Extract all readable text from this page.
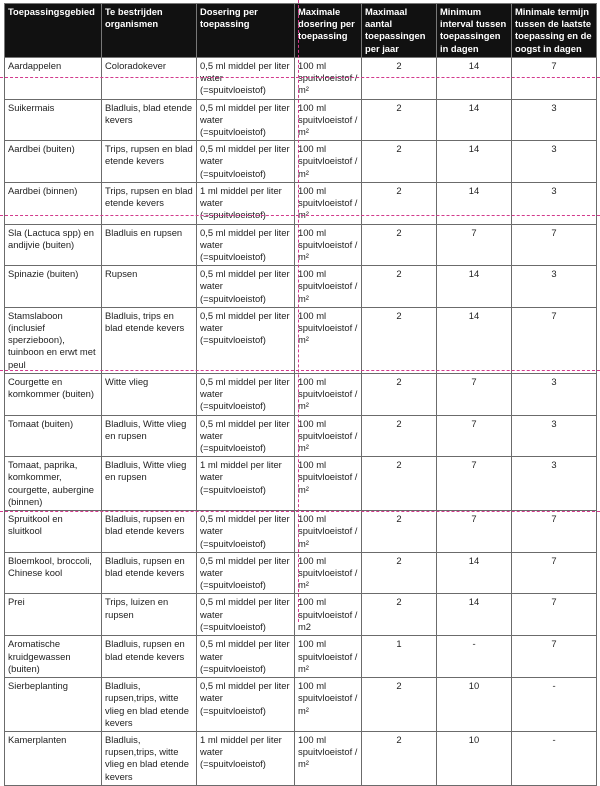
Toepassingsgebied	Te bestrijden organismen	Dosering per toepassing	Maximale dosering per toepassing	Maximaal aantal toepassingen per jaar	Minimum interval tussen toepassingen in dagen	Minimale termijn tussen de laatste toepassing en de oogst in dagen
Aardappelen	Coloradokever	0,5 ml middel per liter water (=spuitvloeistof)	100 ml spuitvloeistof / m²	2	14	7
Suikermais	Bladluis, blad etende kevers	0,5 ml middel per liter water (=spuitvloeistof)	100 ml spuitvloeistof / m²	2	14	3
Aardbei (buiten)	Trips, rupsen en blad etende kevers	0,5 ml middel per liter water (=spuitvloeistof)	100 ml spuitvloeistof / m²	2	14	3
Aardbei (binnen)	Trips, rupsen en blad etende kevers	1 ml middel per liter water (=spuitvloeistof)	100 ml spuitvloeistof / m²	2	14	3
Sla (Lactuca spp) en andijvie (buiten)	Bladluis en rupsen	0,5 ml middel per liter water (=spuitvloeistof)	100 ml spuitvloeistof / m²	2	7	7
Spinazie (buiten)	Rupsen	0,5 ml middel per liter water (=spuitvloeistof)	100 ml spuitvloeistof / m²	2	14	3
Stamslaboon (inclusief sperzieboon), tuinboon en erwt met peul	Bladluis, trips en blad etende kevers	0,5 ml middel per liter water (=spuitvloeistof)	100 ml spuitvloeistof / m²	2	14	7
Courgette en komkommer (buiten)	Witte vlieg	0,5 ml middel per liter water (=spuitvloeistof)	100 ml spuitvloeistof / m²	2	7	3
Tomaat (buiten)	Bladluis, Witte vlieg en rupsen	0,5 ml middel per liter water (=spuitvloeistof)	100 ml spuitvloeistof / m²	2	7	3
Tomaat, paprika, komkommer, courgette, aubergine (binnen)	Bladluis, Witte vlieg en rupsen	1 ml middel per liter water (=spuitvloeistof)	100 ml spuitvloeistof / m²	2	7	3
Spruitkool en sluitkool	Bladluis, rupsen en blad etende kevers	0,5 ml middel per liter water (=spuitvloeistof)	100 ml spuitvloeistof / m²	2	7	7
Bloemkool, broccoli, Chinese kool	Bladluis, rupsen en blad etende kevers	0,5 ml middel per liter water (=spuitvloeistof)	100 ml spuitvloeistof / m²	2	14	7
Prei	Trips, luizen en rupsen	0,5 ml middel per liter water (=spuitvloeistof)	100 ml spuitvloeistof / m2	2	14	7
Aromatische kruidgewassen (buiten)	Bladluis, rupsen en blad etende kevers	0,5 ml middel per liter water (=spuitvloeistof)	100 ml spuitvloeistof / m²	1	-	7
Sierbeplanting	Bladluis, rupsen,trips, witte vlieg en blad etende kevers	0,5 ml middel per liter water (=spuitvloeistof)	100 ml spuitvloeistof / m²	2	10	-
Kamerplanten	Bladluis, rupsen,trips, witte vlieg en blad etende kevers	1 ml middel per liter water (=spuitvloeistof)	100 ml spuitvloeistof / m²	2	10	-
